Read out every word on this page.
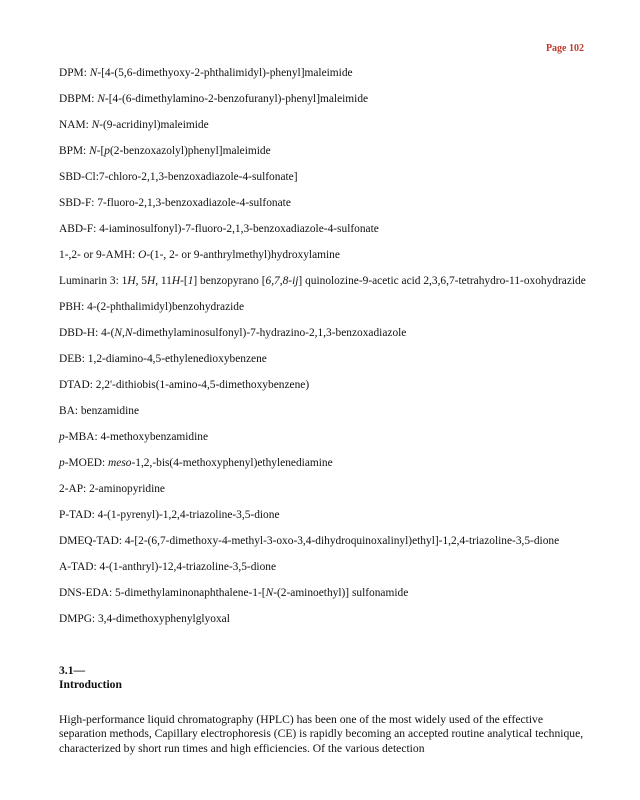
Page 102
DPM: N-[4-(5,6-dimethyoxy-2-phthalimidyl)-phenyl]maleimide
DBPM: N-[4-(6-dimethylamino-2-benzofuranyl)-phenyl]maleimide
NAM: N-(9-acridinyl)maleimide
BPM: N-[p(2-benzoxazolyl)phenyl]maleimide
SBD-Cl:7-chloro-2,1,3-benzoxadiazole-4-sulfonate]
SBD-F: 7-fluoro-2,1,3-benzoxadiazole-4-sulfonate
ABD-F: 4-iaminosulfonyl)-7-fluoro-2,1,3-benzoxadiazole-4-sulfonate
1-,2- or 9-AMH: O-(1-, 2- or 9-anthrylmethyl)hydroxylamine
Luminarin 3: 1H, 5H, 11H-[1] benzopyrano [6,7,8-ij] quinolozine-9-acetic acid 2,3,6,7-tetrahydro-11-oxohydrazide
PBH: 4-(2-phthalimidyl)benzohydrazide
DBD-H: 4-(N,N-dimethylaminosulfonyl)-7-hydrazino-2,1,3-benzoxadiazole
DEB: 1,2-diamino-4,5-ethylenedioxybenzene
DTAD: 2,2'-dithiobis(1-amino-4,5-dimethoxybenzene)
BA: benzamidine
p-MBA: 4-methoxybenzamidine
p-MOED: meso-1,2,-bis(4-methoxyphenyl)ethylenediamine
2-AP: 2-aminopyridine
P-TAD: 4-(1-pyrenyl)-1,2,4-triazoline-3,5-dione
DMEQ-TAD: 4-[2-(6,7-dimethoxy-4-methyl-3-oxo-3,4-dihydroquinoxalinyl)ethyl]-1,2,4-triazoline-3,5-dione
A-TAD: 4-(1-anthryl)-12,4-triazoline-3,5-dione
DNS-EDA: 5-dimethylaminonaphthalene-1-[N-(2-aminoethyl)] sulfonamide
DMPG: 3,4-dimethoxyphenylglyoxal
3.1—
Introduction
High-performance liquid chromatography (HPLC) has been one of the most widely used of the effective separation methods, Capillary electrophoresis (CE) is rapidly becoming an accepted routine analytical technique, characterized by short run times and high efficiencies. Of the various detection
